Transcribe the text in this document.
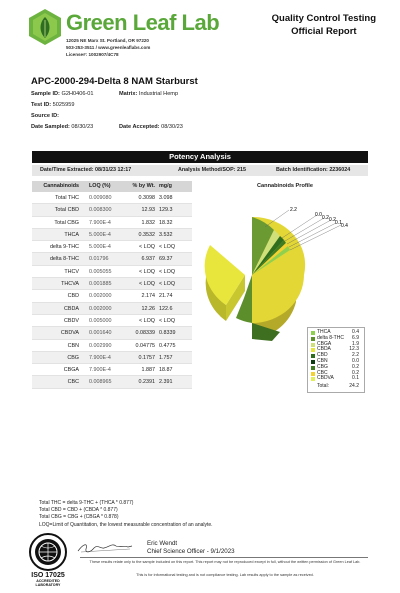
Green Leaf Lab
12025 NE Marx St. Portland, OR 97220
503-253-3511 / www.greenleaflabs.com
License#: 1002907/4C78
Quality Control Testing
Official Report
APC-2000-294-Delta 8 NAM Starburst
Sample ID: G2H0406-01	Matrix: Industrial Hemp
Test ID: 5025959
Source ID:
Date Sampled: 08/30/23	Date Accepted: 08/30/23
Potency Analysis
Date/Time Extracted: 08/31/23 12:17	Analysis Method/SOP: 215	Batch Identification: 2236024
Cannabinoids LOQ (%)	% by Wt. mg/g
Total THC 0.009080	0.3098 3.098
Total CBD 0.008300	12.93 129.3
Total CBG 7.900E-4	1.832 18.32
THCA 5.000E-4	0.3532 3.532
delta 9-THC 5.000E-4	< LOQ < LOQ
delta 8-THC 0.01796	6.937 69.37
THCV 0.005055	< LOQ < LOQ
THCVA 0.001885	< LOQ < LOQ
CBD 0.002000	2.174 21.74
CBDA 0.002000	12.26 122.6
CBDV 0.005000	< LOQ < LOQ
CBDVA 0.001640	0.08339 0.8339
CBN 0.002990	0.04775 0.4775
CBG 7.900E-4	0.1757 1.757
CBGA 7.900E-4	1.887 18.87
CBC 0.008965	0.2391 2.391
Cannabinoids Profile
2.2
0.0 0.2 0.2 0.1 0.4
THCA	0.4
delta 8-THC 6.9
CBGA	1.9
CBDA	12.3
CBD	2.2
CBN	0.0
CBG	0.2
CBC	0.2
CBDVA	0.1
Total:	24.2
Total THC = delta 9-THC + (THCA * 0.877)
Total CBD = CBD + (CBDA * 0.877)
Total CBG = CBG + (CBGA * 0.878)
LOQ=Limit of Quantitation, the lowest measurable concentration of an analyte.
ISO 17025
ACCREDITED
LABORATORY
Eric Wendt
Chief Science Officer - 9/1/2023
These results relate only to the sample included on this report. This report may not be reproduced except in full, without the written permission of Green Leaf Lab.
This is for informational testing and is not compliance testing. Lab results apply to the sample as received.
